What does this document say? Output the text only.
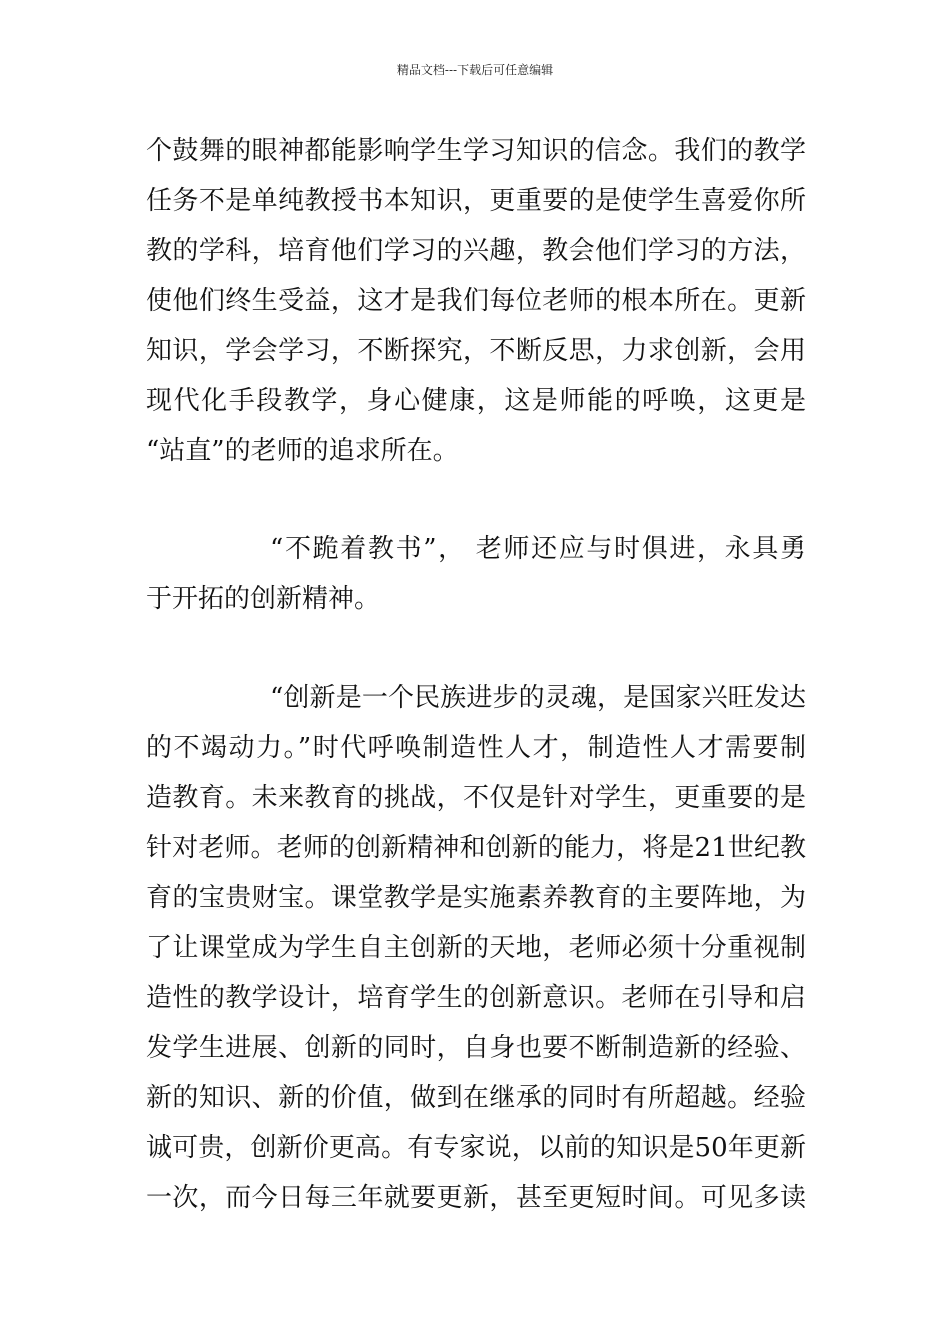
精品文档---下载后可任意编辑
个鼓舞的眼神都能影响学生学习知识的信念。我们的教学
任务不是单纯教授书本知识，更重要的是使学生喜爱你所
教的学科，培育他们学习的兴趣，教会他们学习的方法，
使他们终生受益，这才是我们每位老师的根本所在。更新
知识，学会学习，不断探究，不断反思，力求创新，会用
现代化手段教学，身心健康，这是师能的呼唤，这更是
“站直”的老师的追求所在。
“不跪着教书”， 老师还应与时俱进，永具勇
于开拓的创新精神。
“创新是一个民族进步的灵魂，是国家兴旺发达
的不竭动力。”时代呼唤制造性人才，制造性人才需要制
造教育。未来教育的挑战，不仅是针对学生，更重要的是
针对老师。老师的创新精神和创新的能力，将是21世纪教
育的宝贵财宝。课堂教学是实施素养教育的主要阵地，为
了让课堂成为学生自主创新的天地，老师必须十分重视制
造性的教学设计，培育学生的创新意识。老师在引导和启
发学生进展、创新的同时，自身也要不断制造新的经验、
新的知识、新的价值，做到在继承的同时有所超越。经验
诚可贵，创新价更高。有专家说，以前的知识是50年更新
一次，而今日每三年就要更新，甚至更短时间。可见多读
